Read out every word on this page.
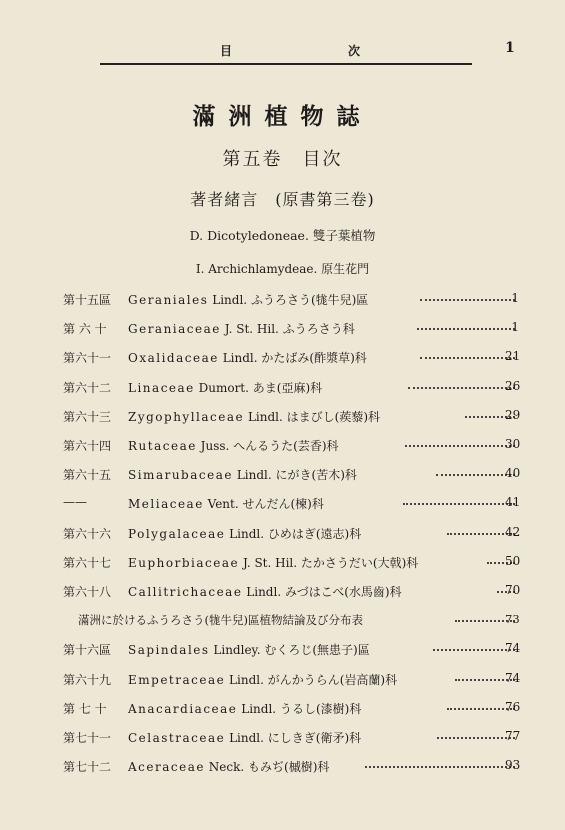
目	次	1
滿洲植物誌
第五卷　目次
著者緒言　(原書第三卷)
D. Dicotyledoneae. 雙子葉植物
I. Archichlamydeae. 原生花門
第十五區 Geraniales Lindl. ふうろさう(牻牛兒)區	1
第 六 十 Geraniaceae J. St. Hil. ふうろさう科	1
第六十一 Oxalidaceae Lindl. かたばみ(酢漿草)科	21
第六十二 Linaceae Dumort. あま(亞麻)科	26
第六十三 Zygophyllaceae Lindl. はまびし(蒺藜)科	29
第六十四 Rutaceae Juss. へんるうた(芸香)科	30
第六十五 Simarubaceae Lindl. にがき(苦木)科	40
——	Meliaceae Vent. せんだん(楝)科	41
第六十六 Polygalaceae Lindl. ひめはぎ(遠志)科	42
第六十七 Euphorbiaceae J. St. Hil. たかさうだい(大戟)科	50
第六十八 Callitrichaceae Lindl. みづはこべ(水馬齒)科	70
滿洲に於けるふうろさう(牻牛兒)區植物結論及び分布表	73
第十六區 Sapindales Lindley. むくろじ(無患子)區	74
第六十九 Empetraceae Lindl. がんかうらん(岩高蘭)科	74
第 七 十 Anacardiaceae Lindl. うるし(漆樹)科	76
第七十一 Celastraceae Lindl. にしきぎ(衛矛)科	77
第七十二 Aceraceae Neck. もみぢ(槭樹)科	93
